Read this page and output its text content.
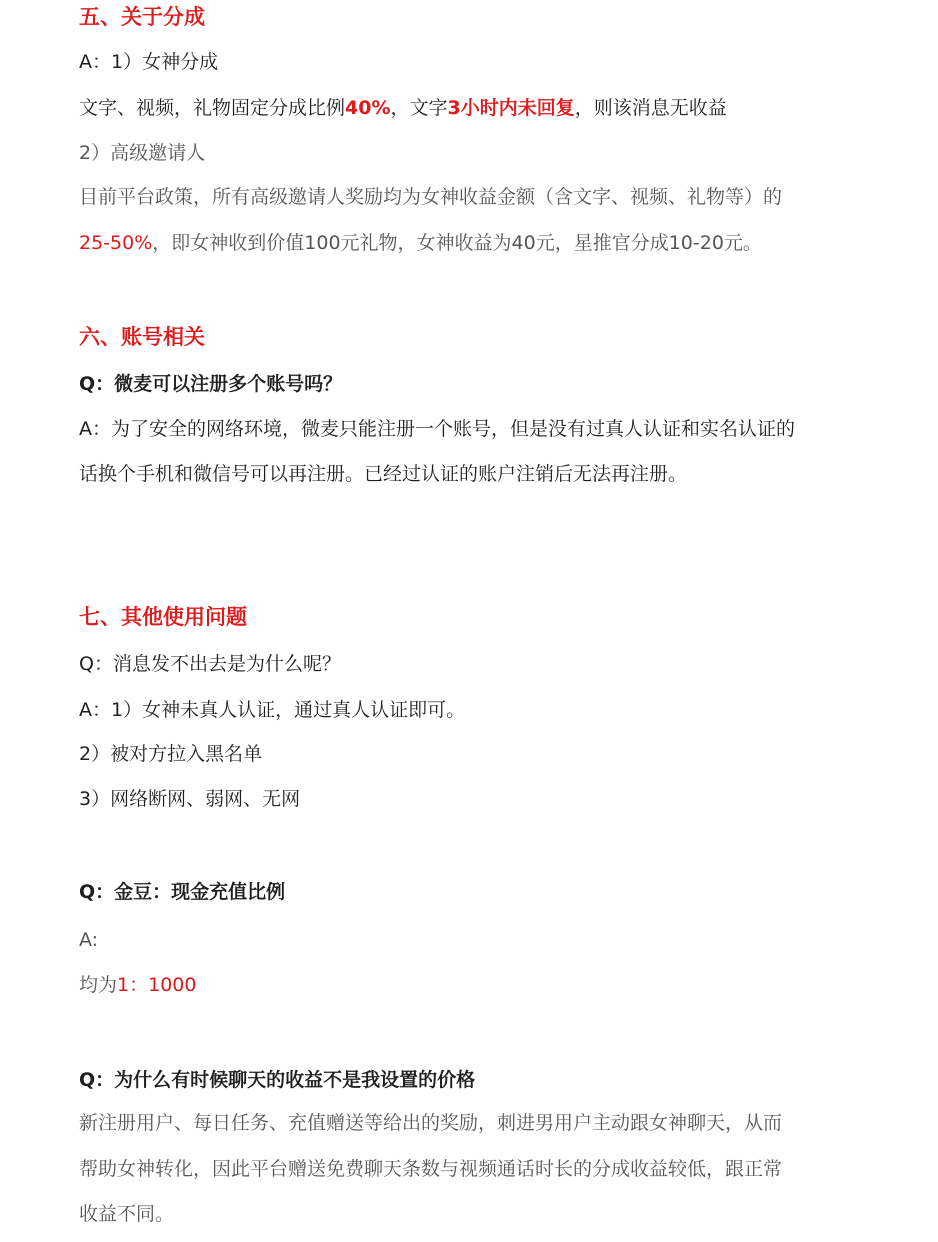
五、关于分成
A：1）女神分成
文字、视频，礼物固定分成比例40%，文字3小时内未回复，则该消息无收益
2）高级邀请人
目前平台政策，所有高级邀请人奖励均为女神收益金额（含文字、视频、礼物等）的
25-50%，即女神收到价值100元礼物，女神收益为40元，星推官分成10-20元。
六、账号相关
Q：微麦可以注册多个账号吗？
A：为了安全的网络环境，微麦只能注册一个账号，但是没有过真人认证和实名认证的
话换个手机和微信号可以再注册。已经过认证的账户注销后无法再注册。
七、其他使用问题
Q：消息发不出去是为什么呢？
A：1）女神未真人认证，通过真人认证即可。
2）被对方拉入黑名单
3）网络断网、弱网、无网
Q：金豆：现金充值比例
A:
均为1：1000
Q：为什么有时候聊天的收益不是我设置的价格
新注册用户、每日任务、充值赠送等给出的奖励，刺进男用户主动跟女神聊天，从而
帮助女神转化，因此平台赠送免费聊天条数与视频通话时长的分成收益较低，跟正常
收益不同。
